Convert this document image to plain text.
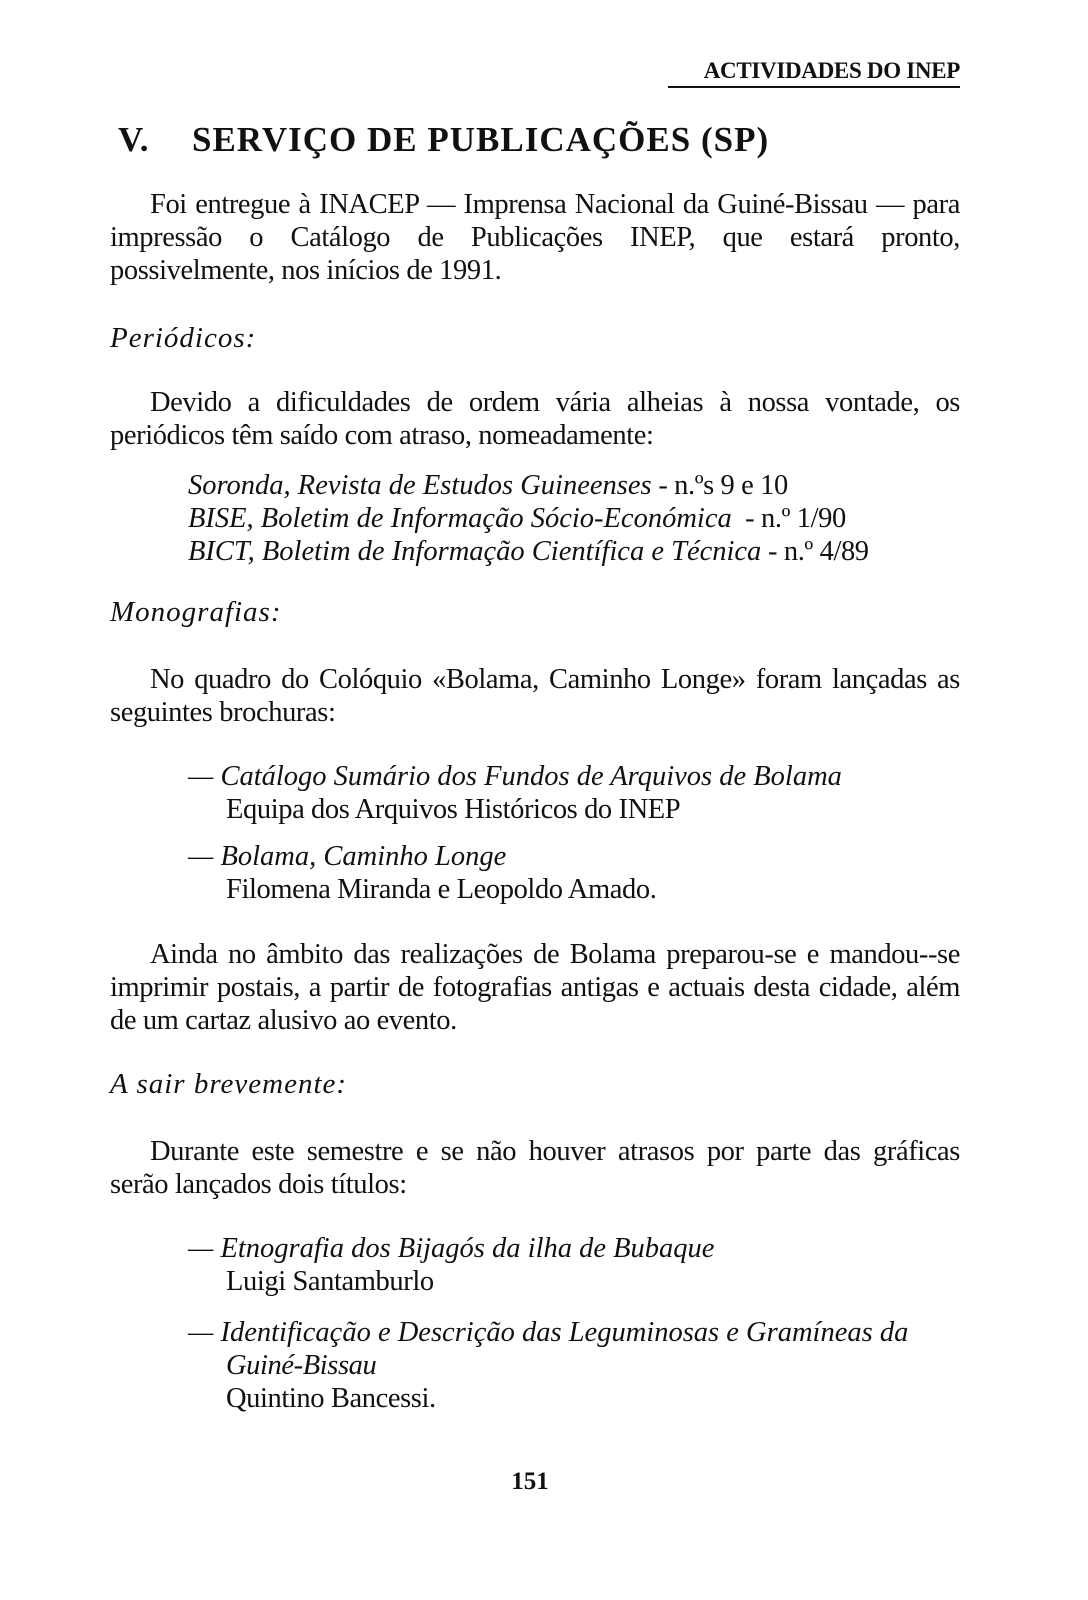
ACTIVIDADES DO INEP
V. SERVIÇO DE PUBLICAÇÕES (SP)
Foi entregue à INACEP — Imprensa Nacional da Guiné-Bissau — para impressão o Catálogo de Publicações INEP, que estará pronto, possivelmente, nos inícios de 1991.
Periódicos:
Devido a dificuldades de ordem vária alheias à nossa vontade, os periódicos têm saído com atraso, nomeadamente:
Soronda, Revista de Estudos Guineenses - n.ºs 9 e 10
BISE, Boletim de Informação Sócio-Económica  - n.º 1/90
BICT, Boletim de Informação Científica e Técnica - n.º 4/89
Monografias:
No quadro do Colóquio «Bolama, Caminho Longe» foram lançadas as seguintes brochuras:
— Catálogo Sumário dos Fundos de Arquivos de Bolama
Equipa dos Arquivos Históricos do INEP
— Bolama, Caminho Longe
Filomena Miranda e Leopoldo Amado.
Ainda no âmbito das realizações de Bolama preparou-se e mandou--se imprimir postais, a partir de fotografias antigas e actuais desta cidade, além de um cartaz alusivo ao evento.
A sair brevemente:
Durante este semestre e se não houver atrasos por parte das gráficas serão lançados dois títulos:
— Etnografia dos Bijagós da ilha de Bubaque
Luigi Santamburlo
— Identificação e Descrição das Leguminosas e Gramíneas da
Guiné-Bissau
Quintino Bancessi.
151
